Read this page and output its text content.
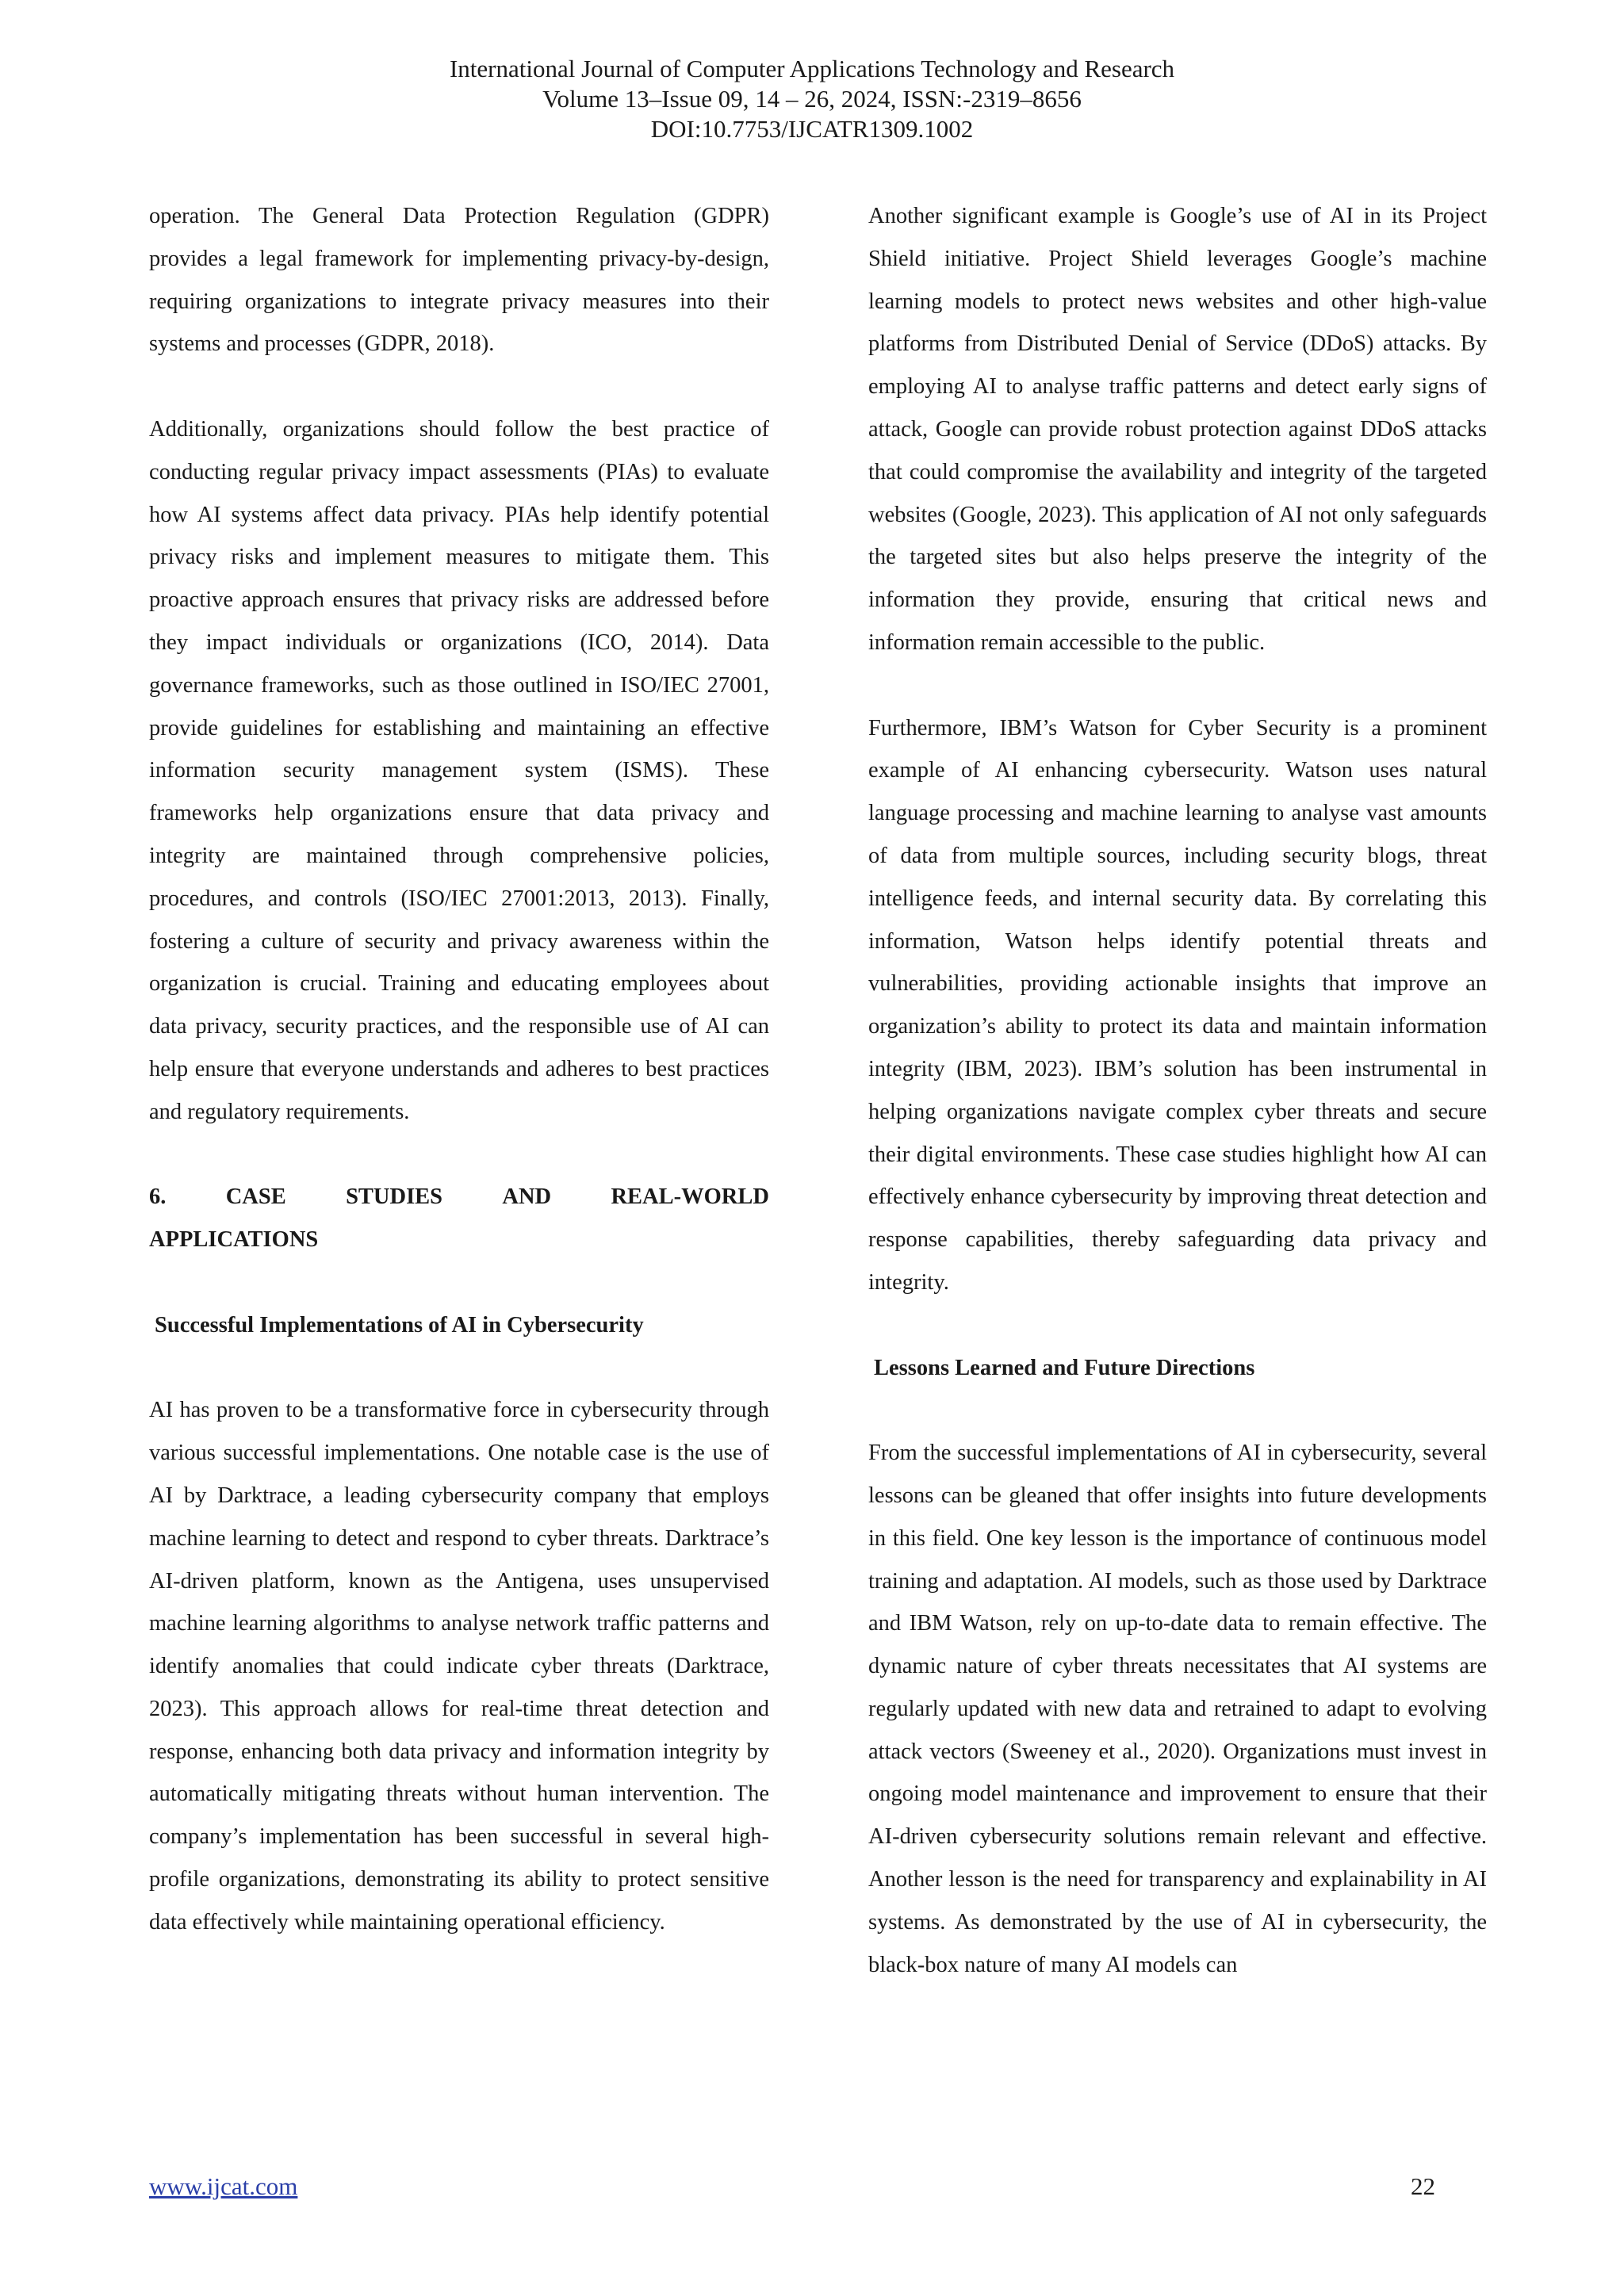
International Journal of Computer Applications Technology and Research
Volume 13–Issue 09, 14 – 26, 2024, ISSN:-2319–8656
DOI:10.7753/IJCATR1309.1002

operation. The General Data Protection Regulation (GDPR) provides a legal framework for implementing privacy-by-design, requiring organizations to integrate privacy measures into their systems and processes (GDPR, 2018).

Additionally, organizations should follow the best practice of conducting regular privacy impact assessments (PIAs) to evaluate how AI systems affect data privacy. PIAs help identify potential privacy risks and implement measures to mitigate them. This proactive approach ensures that privacy risks are addressed before they impact individuals or organizations (ICO, 2014). Data governance frameworks, such as those outlined in ISO/IEC 27001, provide guidelines for establishing and maintaining an effective information security management system (ISMS). These frameworks help organizations ensure that data privacy and integrity are maintained through comprehensive policies, procedures, and controls (ISO/IEC 27001:2013, 2013). Finally, fostering a culture of security and privacy awareness within the organization is crucial. Training and educating employees about data privacy, security practices, and the responsible use of AI can help ensure that everyone understands and adheres to best practices and regulatory requirements.

6.	CASE	STUDIES	AND	REAL-WORLD
APPLICATIONS
Successful Implementations of AI in Cybersecurity

AI has proven to be a transformative force in cybersecurity through various successful implementations. One notable case is the use of AI by Darktrace, a leading cybersecurity company that employs machine learning to detect and respond to cyber threats. Darktrace’s AI-driven platform, known as the Antigena, uses unsupervised machine learning algorithms to analyse network traffic patterns and identify anomalies that could indicate cyber threats (Darktrace, 2023). This approach allows for real-time threat detection and response, enhancing both data privacy and information integrity by automatically mitigating threats without human intervention. The company’s implementation has been successful in several high-profile organizations, demonstrating its ability to protect sensitive data effectively while maintaining operational efficiency.

Another significant example is Google’s use of AI in its Project Shield initiative. Project Shield leverages Google’s machine learning models to protect news websites and other high-value platforms from Distributed Denial of Service (DDoS) attacks. By employing AI to analyse traffic patterns and detect early signs of attack, Google can provide robust protection against DDoS attacks that could compromise the availability and integrity of the targeted websites (Google, 2023). This application of AI not only safeguards the targeted sites but also helps preserve the integrity of the information they provide, ensuring that critical news and information remain accessible to the public.

Furthermore, IBM’s Watson for Cyber Security is a prominent example of AI enhancing cybersecurity. Watson uses natural language processing and machine learning to analyse vast amounts of data from multiple sources, including security blogs, threat intelligence feeds, and internal security data. By correlating this information, Watson helps identify potential threats and vulnerabilities, providing actionable insights that improve an organization’s ability to protect its data and maintain information integrity (IBM, 2023). IBM’s solution has been instrumental in helping organizations navigate complex cyber threats and secure their digital environments. These case studies highlight how AI can effectively enhance cybersecurity by improving threat detection and response capabilities, thereby safeguarding data privacy and integrity.

Lessons Learned and Future Directions

From the successful implementations of AI in cybersecurity, several lessons can be gleaned that offer insights into future developments in this field. One key lesson is the importance of continuous model training and adaptation. AI models, such as those used by Darktrace and IBM Watson, rely on up-to-date data to remain effective. The dynamic nature of cyber threats necessitates that AI systems are regularly updated with new data and retrained to adapt to evolving attack vectors (Sweeney et al., 2020). Organizations must invest in ongoing model maintenance and improvement to ensure that their AI-driven cybersecurity solutions remain relevant and effective. Another lesson is the need for transparency and explainability in AI systems. As demonstrated by the use of AI in cybersecurity, the black-box nature of many AI models can

www.ijcat.com	22
